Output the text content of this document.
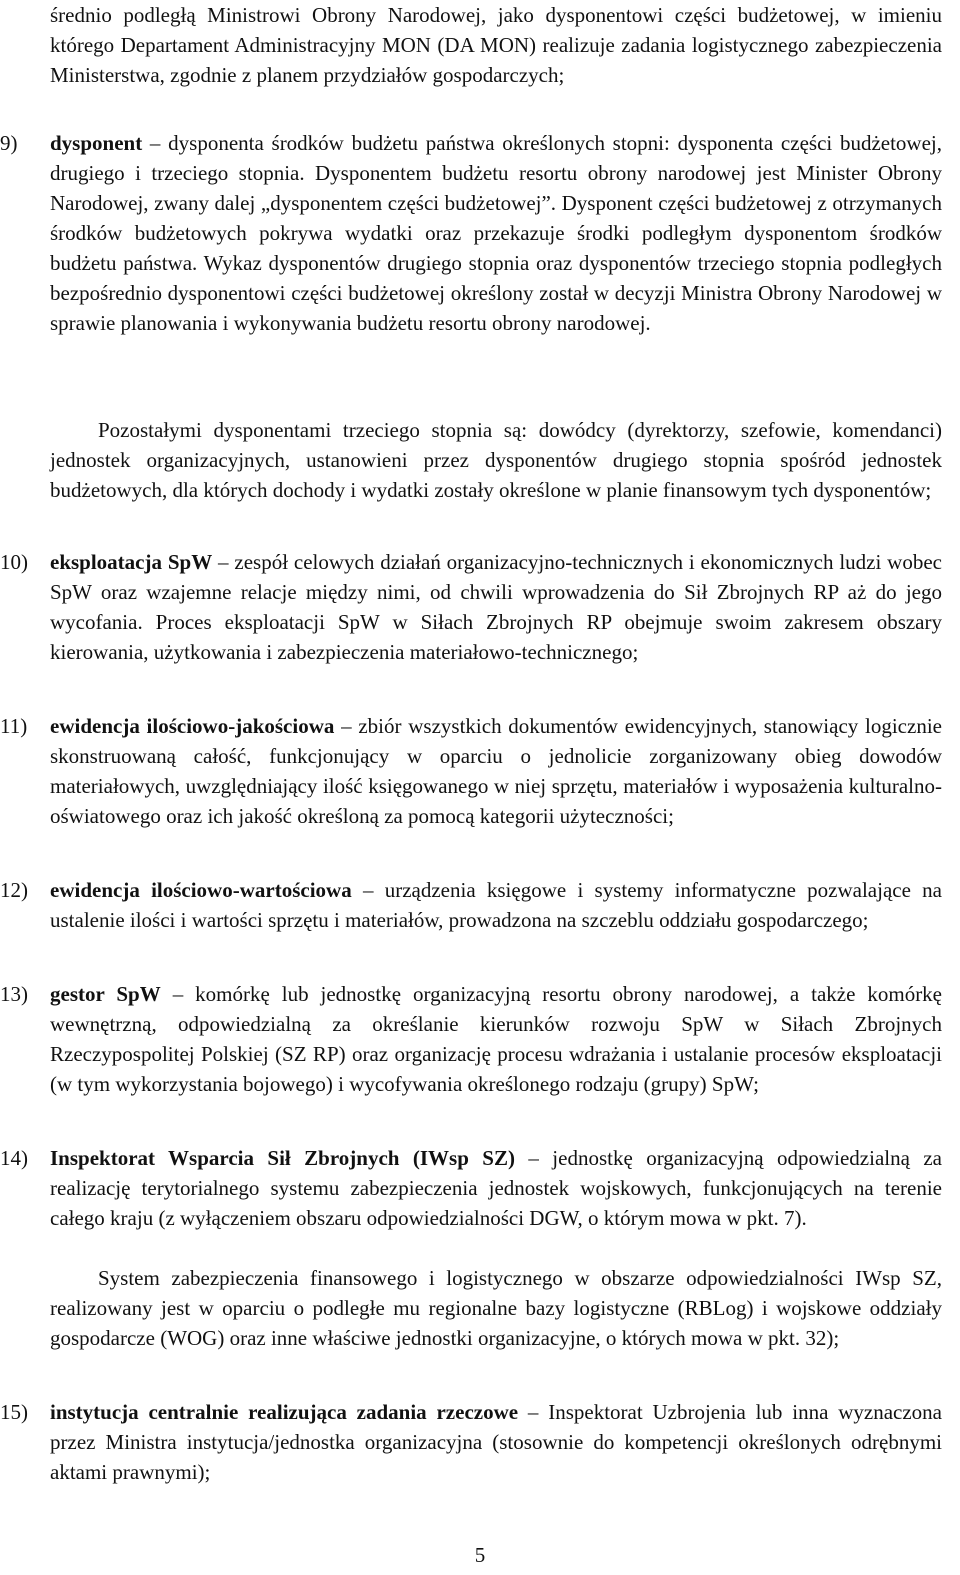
średnio podległą Ministrowi Obrony Narodowej, jako dysponentowi części budżetowej, w imieniu którego Departament Administracyjny MON (DA MON) realizuje zadania logistycznego zabezpieczenia Ministerstwa, zgodnie z planem przydziałów gospodarczych;
9)	dysponent – dysponenta środków budżetu państwa określonych stopni: dysponenta części budżetowej, drugiego i trzeciego stopnia. Dysponentem budżetu resortu obrony narodowej jest Minister Obrony Narodowej, zwany dalej „dysponentem części budżetowej”. Dysponent części budżetowej z otrzymanych środków budżetowych pokrywa wydatki oraz przekazuje środki podległym dysponentom środków budżetu państwa. Wykaz dysponentów drugiego stopnia oraz dysponentów trzeciego stopnia podległych bezpośrednio dysponentowi części budżetowej określony został w decyzji Ministra Obrony Narodowej w sprawie planowania i wykonywania budżetu resortu obrony narodowej.
Pozostałymi dysponentami trzeciego stopnia są: dowódcy (dyrektorzy, szefowie, komendanci) jednostek organizacyjnych, ustanowieni przez dysponentów drugiego stopnia spośród jednostek budżetowych, dla których dochody i wydatki zostały określone w planie finansowym tych dysponentów;
10)	eksploatacja SpW – zespół celowych działań organizacyjno-technicznych i ekonomicznych ludzi wobec SpW oraz wzajemne relacje między nimi, od chwili wprowadzenia do Sił Zbrojnych RP aż do jego wycofania. Proces eksploatacji SpW w Siłach Zbrojnych RP obejmuje swoim zakresem obszary kierowania, użytkowania i zabezpieczenia materiałowo-technicznego;
11)	ewidencja ilościowo-jakościowa – zbiór wszystkich dokumentów ewidencyjnych, stanowiący logicznie skonstruowaną całość, funkcjonujący w oparciu o jednolicie zorganizowany obieg dowodów materiałowych, uwzględniający ilość księgowanego w niej sprzętu, materiałów i wyposażenia kulturalno-oświatowego oraz ich jakość określoną za pomocą kategorii użyteczności;
12)	ewidencja ilościowo-wartościowa – urządzenia księgowe i systemy informatyczne pozwalające na ustalenie ilości i wartości sprzętu i materiałów, prowadzona na szczeblu oddziału gospodarczego;
13)	gestor SpW – komórkę lub jednostkę organizacyjną resortu obrony narodowej, a także komórkę wewnętrzną, odpowiedzialną za określanie kierunków rozwoju SpW w Siłach Zbrojnych Rzeczypospolitej Polskiej (SZ RP) oraz organizację procesu wdrażania i ustalanie procesów eksploatacji (w tym wykorzystania bojowego) i wycofywania określonego rodzaju (grupy) SpW;
14)	Inspektorat Wsparcia Sił Zbrojnych (IWsp SZ) – jednostkę organizacyjną odpowiedzialną za realizację terytorialnego systemu zabezpieczenia jednostek wojskowych, funkcjonujących na terenie całego kraju (z wyłączeniem obszaru odpowiedzialności DGW, o którym mowa w pkt. 7).
System zabezpieczenia finansowego i logistycznego w obszarze odpowiedzialności IWsp SZ, realizowany jest w oparciu o podległe mu regionalne bazy logistyczne (RBLog) i wojskowe oddziały gospodarcze (WOG) oraz inne właściwe jednostki organizacyjne, o których mowa w pkt. 32);
15)	instytucja centralnie realizująca zadania rzeczowe – Inspektorat Uzbrojenia lub inna wyznaczona przez Ministra instytucja/jednostka organizacyjna (stosownie do kompetencji określonych odrębnymi aktami prawnymi);
5
